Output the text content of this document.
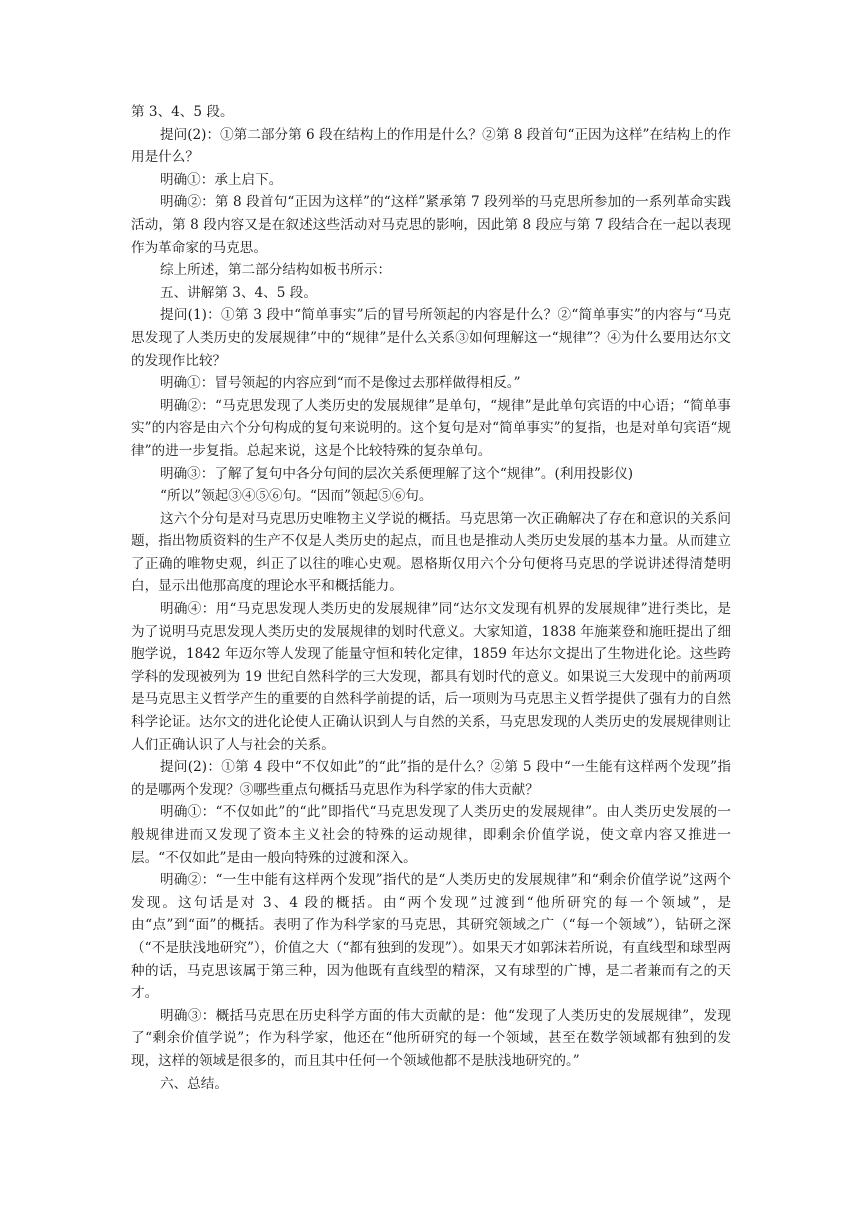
第 3、4、5 段。

提问(2)：①第二部分第 6 段在结构上的作用是什么？②第 8 段首句“正因为这样”在结构上的作用是什么？

明确①：承上启下。

明确②：第 8 段首句“正因为这样”的“这样”紧承第 7 段列举的马克思所参加的一系列革命实践活动，第 8 段内容又是在叙述这些活动对马克思的影响，因此第 8 段应与第 7 段结合在一起以表现作为革命家的马克思。

综上所述，第二部分结构如板书所示：

五、讲解第 3、4、5 段。

提问(1)：①第 3 段中“简单事实”后的冒号所领起的内容是什么？②“简单事实”的内容与“马克思发现了人类历史的发展规律”中的“规律”是什么关系③如何理解这一“规律”？④为什么要用达尔文的发现作比较？

明确①：冒号领起的内容应到“而不是像过去那样做得相反。”

明确②：“马克思发现了人类历史的发展规律”是单句，“规律”是此单句宾语的中心语；“简单事实”的内容是由六个分句构成的复句来说明的。这个复句是对“简单事实”的复指，也是对单句宾语“规律”的进一步复指。总起来说，这是个比较特殊的复杂单句。

明确③：了解了复句中各分句间的层次关系便理解了这个“规律”。(利用投影仪)

“所以”领起③④⑤⑥句。“因而”领起⑤⑥句。

这六个分句是对马克思历史唯物主义学说的概括。马克思第一次正确解决了存在和意识的关系问题，指出物质资料的生产不仅是人类历史的起点，而且也是推动人类历史发展的基本力量。从而建立了正确的唯物史观，纠正了以往的唯心史观。恩格斯仅用六个分句便将马克思的学说讲述得清楚明白，显示出他那高度的理论水平和概括能力。

明确④：用“马克思发现人类历史的发展规律”同“达尔文发现有机界的发展规律”进行类比，是为了说明马克思发现人类历史的发展规律的划时代意义。大家知道，1838 年施莱登和施旺提出了细胞学说，1842 年迈尔等人发现了能量守恒和转化定律，1859 年达尔文提出了生物进化论。这些跨学科的发现被列为 19 世纪自然科学的三大发现，都具有划时代的意义。如果说三大发现中的前两项是马克思主义哲学产生的重要的自然科学前提的话，后一项则为马克思主义哲学提供了强有力的自然科学论证。达尔文的进化论使人正确认识到人与自然的关系，马克思发现的人类历史的发展规律则让人们正确认识了人与社会的关系。

提问(2)：①第 4 段中“不仅如此”的“此”指的是什么？②第 5 段中“一生能有这样两个发现”指的是哪两个发现？③哪些重点句概括马克思作为科学家的伟大贡献？

明确①：“不仅如此”的“此”即指代“马克思发现了人类历史的发展规律”。由人类历史发展的一般规律进而又发现了资本主义社会的特殊的运动规律，即剩余价值学说，使文章内容又推进一层。“不仅如此”是由一般向特殊的过渡和深入。

明确②：“一生中能有这样两个发现”指代的是“人类历史的发展规律”和“剩余价值学说”这两个发现。这句话是对 3、4 段的概括。由“两个发现”过渡到“他所研究的每一个领域”，是由“点”到“面”的概括。表明了作为科学家的马克思，其研究领域之广（“每一个领域”），钻研之深（“不是肤浅地研究”），价值之大（“都有独到的发现”）。如果天才如郭沫若所说，有直线型和球型两种的话，马克思该属于第三种，因为他既有直线型的精深，又有球型的广博，是二者兼而有之的天才。

明确③：概括马克思在历史科学方面的伟大贡献的是：他“发现了人类历史的发展规律”，发现了“剩余价值学说”；作为科学家，他还在“他所研究的每一个领域，甚至在数学领域都有独到的发现，这样的领域是很多的，而且其中任何一个领域他都不是肤浅地研究的。”

六、总结。
